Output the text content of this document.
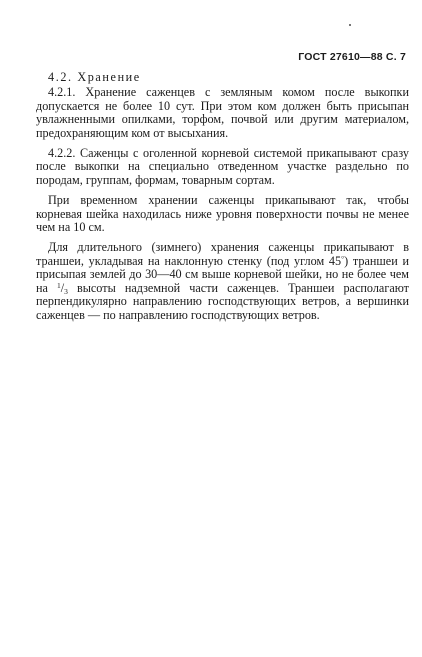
ГОСТ 27610—88 С. 7
4.2. Хранение

4.2.1. Хранение саженцев с земляным комом после выкопки допускается не более 10 сут. При этом ком должен быть присыпан увлажненными опилками, торфом, почвой или другим материалом, предохраняющим ком от высыхания.

4.2.2. Саженцы с оголенной корневой системой прикапывают сразу после выкопки на специально отведенном участке раздельно по породам, группам, формам, товарным сортам.

При временном хранении саженцы прикапывают так, чтобы корневая шейка находилась ниже уровня поверхности почвы не менее чем на 10 см.

Для длительного (зимнего) хранения саженцы прикапывают в траншеи, укладывая на наклонную стенку (под углом 45°) траншеи и присыпая землей до 30—40 см выше корневой шейки, но не более чем на $^1/_3$ высоты надземной части саженцев. Траншеи располагают перпендикулярно направлению господствующих ветров, а вершинки саженцев — по направлению господствующих ветров.
